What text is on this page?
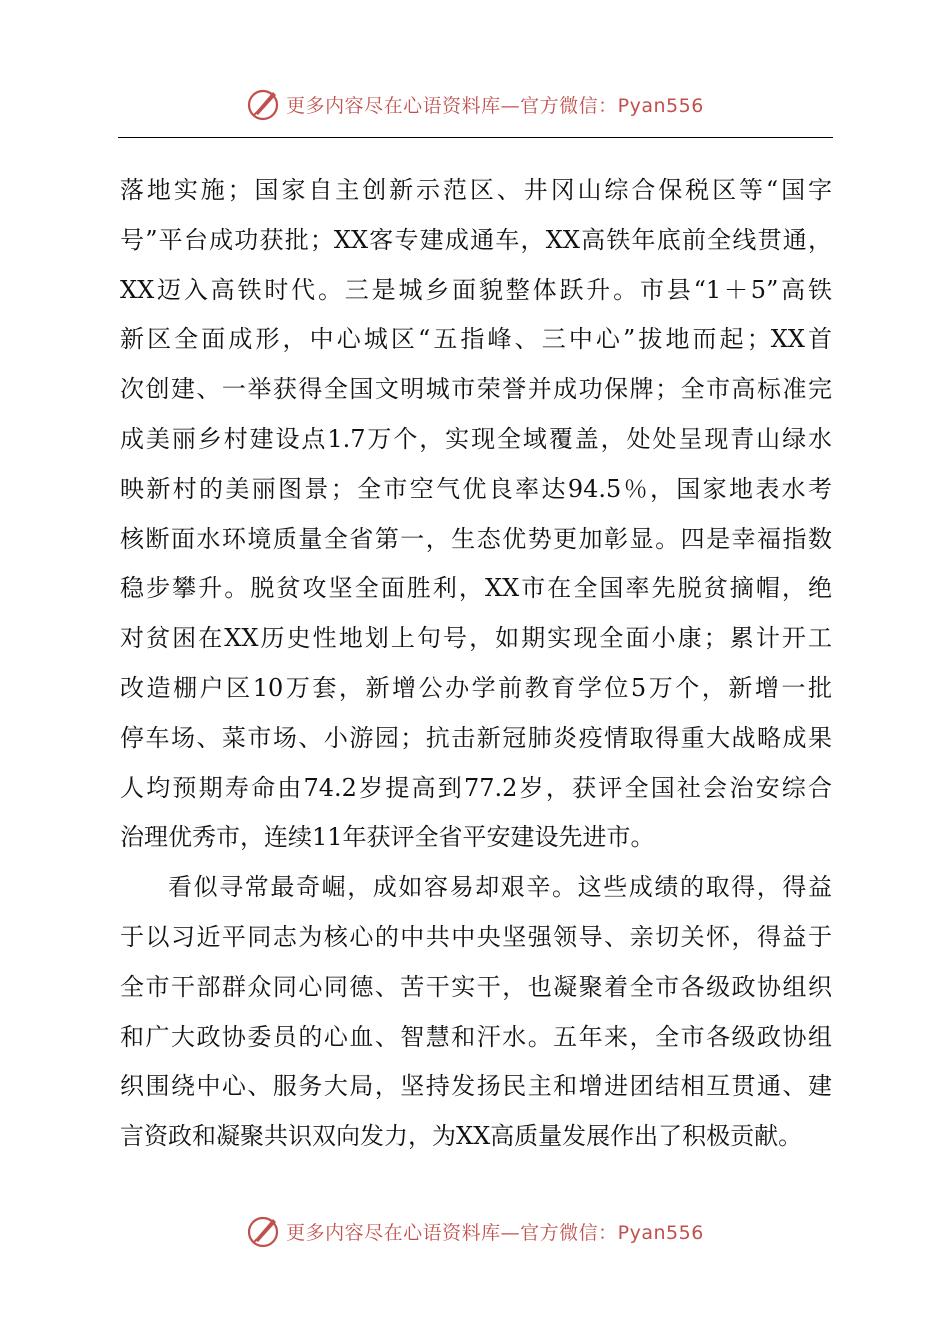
更多内容尽在心语资料库—官方微信：Pyan556

落地实施；国家自主创新示范区、井冈山综合保税区等“国字
号”平台成功获批；XX客专建成通车，XX高铁年底前全线贯通，
XX迈入高铁时代。三是城乡面貌整体跃升。市县“1＋5”高铁
新区全面成形，中心城区“五指峰、三中心”拔地而起；XX首
次创建、一举获得全国文明城市荣誉并成功保牌；全市高标准完
成美丽乡村建设点1.7万个，实现全域覆盖，处处呈现青山绿水
映新村的美丽图景；全市空气优良率达94.5％，国家地表水考
核断面水环境质量全省第一，生态优势更加彰显。四是幸福指数
稳步攀升。脱贫攻坚全面胜利，XX市在全国率先脱贫摘帽，绝
对贫困在XX历史性地划上句号，如期实现全面小康；累计开工
改造棚户区10万套，新增公办学前教育学位5万个，新增一批
停车场、菜市场、小游园；抗击新冠肺炎疫情取得重大战略成果
人均预期寿命由74.2岁提高到77.2岁，获评全国社会治安综合
治理优秀市，连续11年获评全省平安建设先进市。

看似寻常最奇崛，成如容易却艰辛。这些成绩的取得，得益
于以习近平同志为核心的中共中央坚强领导、亲切关怀，得益于
全市干部群众同心同德、苦干实干，也凝聚着全市各级政协组织
和广大政协委员的心血、智慧和汗水。五年来，全市各级政协组
织围绕中心、服务大局，坚持发扬民主和增进团结相互贯通、建
言资政和凝聚共识双向发力，为XX高质量发展作出了积极贡献。

更多内容尽在心语资料库—官方微信：Pyan556
